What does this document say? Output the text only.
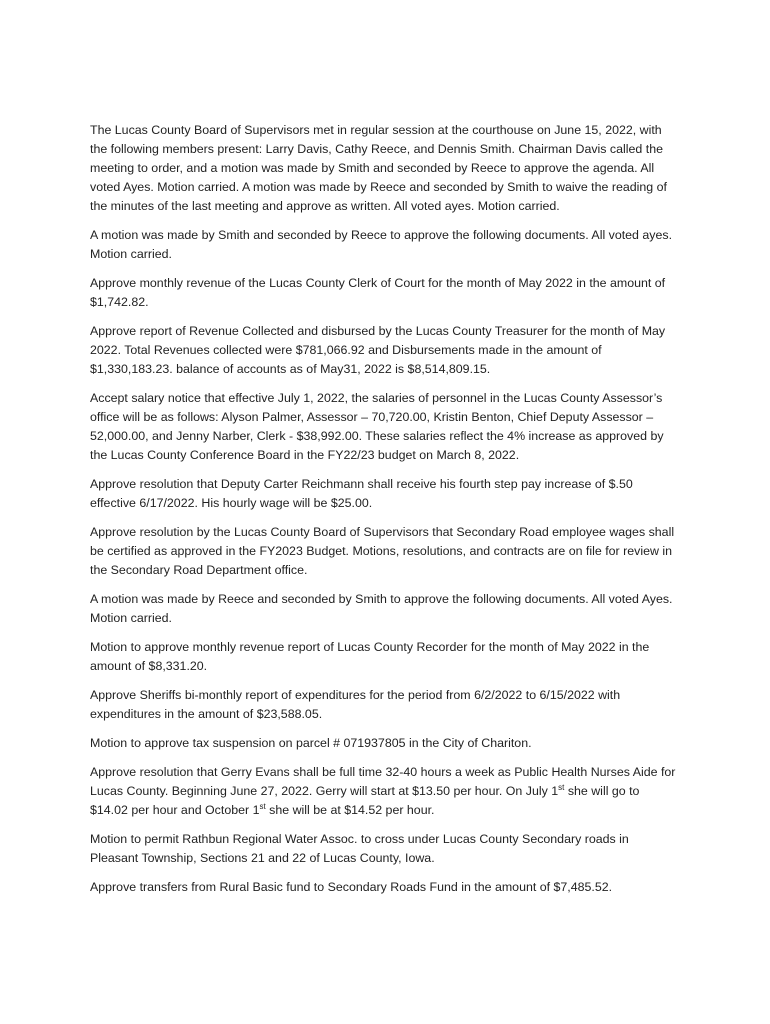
The Lucas County Board of Supervisors met in regular session at the courthouse on June 15, 2022, with the following members present: Larry Davis, Cathy Reece, and Dennis Smith. Chairman Davis called the meeting to order, and a motion was made by Smith and seconded by Reece to approve the agenda. All voted Ayes. Motion carried. A motion was made by Reece and seconded by Smith to waive the reading of the minutes of the last meeting and approve as written. All voted ayes. Motion carried.

A motion was made by Smith and seconded by Reece to approve the following documents. All voted ayes. Motion carried.

Approve monthly revenue of the Lucas County Clerk of Court for the month of May 2022 in the amount of $1,742.82.

Approve report of Revenue Collected and disbursed by the Lucas County Treasurer for the month of May 2022. Total Revenues collected were $781,066.92 and Disbursements made in the amount of $1,330,183.23. balance of accounts as of May31, 2022 is $8,514,809.15.

Accept salary notice that effective July 1, 2022, the salaries of personnel in the Lucas County Assessor’s office will be as follows: Alyson Palmer, Assessor – 70,720.00, Kristin Benton, Chief Deputy Assessor – 52,000.00, and Jenny Narber, Clerk - $38,992.00. These salaries reflect the 4% increase as approved by the Lucas County Conference Board in the FY22/23 budget on March 8, 2022.

Approve resolution that Deputy Carter Reichmann shall receive his fourth step pay increase of $.50 effective 6/17/2022. His hourly wage will be $25.00.

Approve resolution by the Lucas County Board of Supervisors that Secondary Road employee wages shall be certified as approved in the FY2023 Budget. Motions, resolutions, and contracts are on file for review in the Secondary Road Department office.

A motion was made by Reece and seconded by Smith to approve the following documents. All voted Ayes. Motion carried.

Motion to approve monthly revenue report of Lucas County Recorder for the month of May 2022 in the amount of $8,331.20.

Approve Sheriffs bi-monthly report of expenditures for the period from 6/2/2022 to 6/15/2022 with expenditures in the amount of $23,588.05.

Motion to approve tax suspension on parcel # 071937805 in the City of Chariton.

Approve resolution that Gerry Evans shall be full time 32-40 hours a week as Public Health Nurses Aide for Lucas County. Beginning June 27, 2022. Gerry will start at $13.50 per hour. On July 1st she will go to $14.02 per hour and October 1st she will be at $14.52 per hour.

Motion to permit Rathbun Regional Water Assoc. to cross under Lucas County Secondary roads in Pleasant Township, Sections 21 and 22 of Lucas County, Iowa.

Approve transfers from Rural Basic fund to Secondary Roads Fund in the amount of $7,485.52.
